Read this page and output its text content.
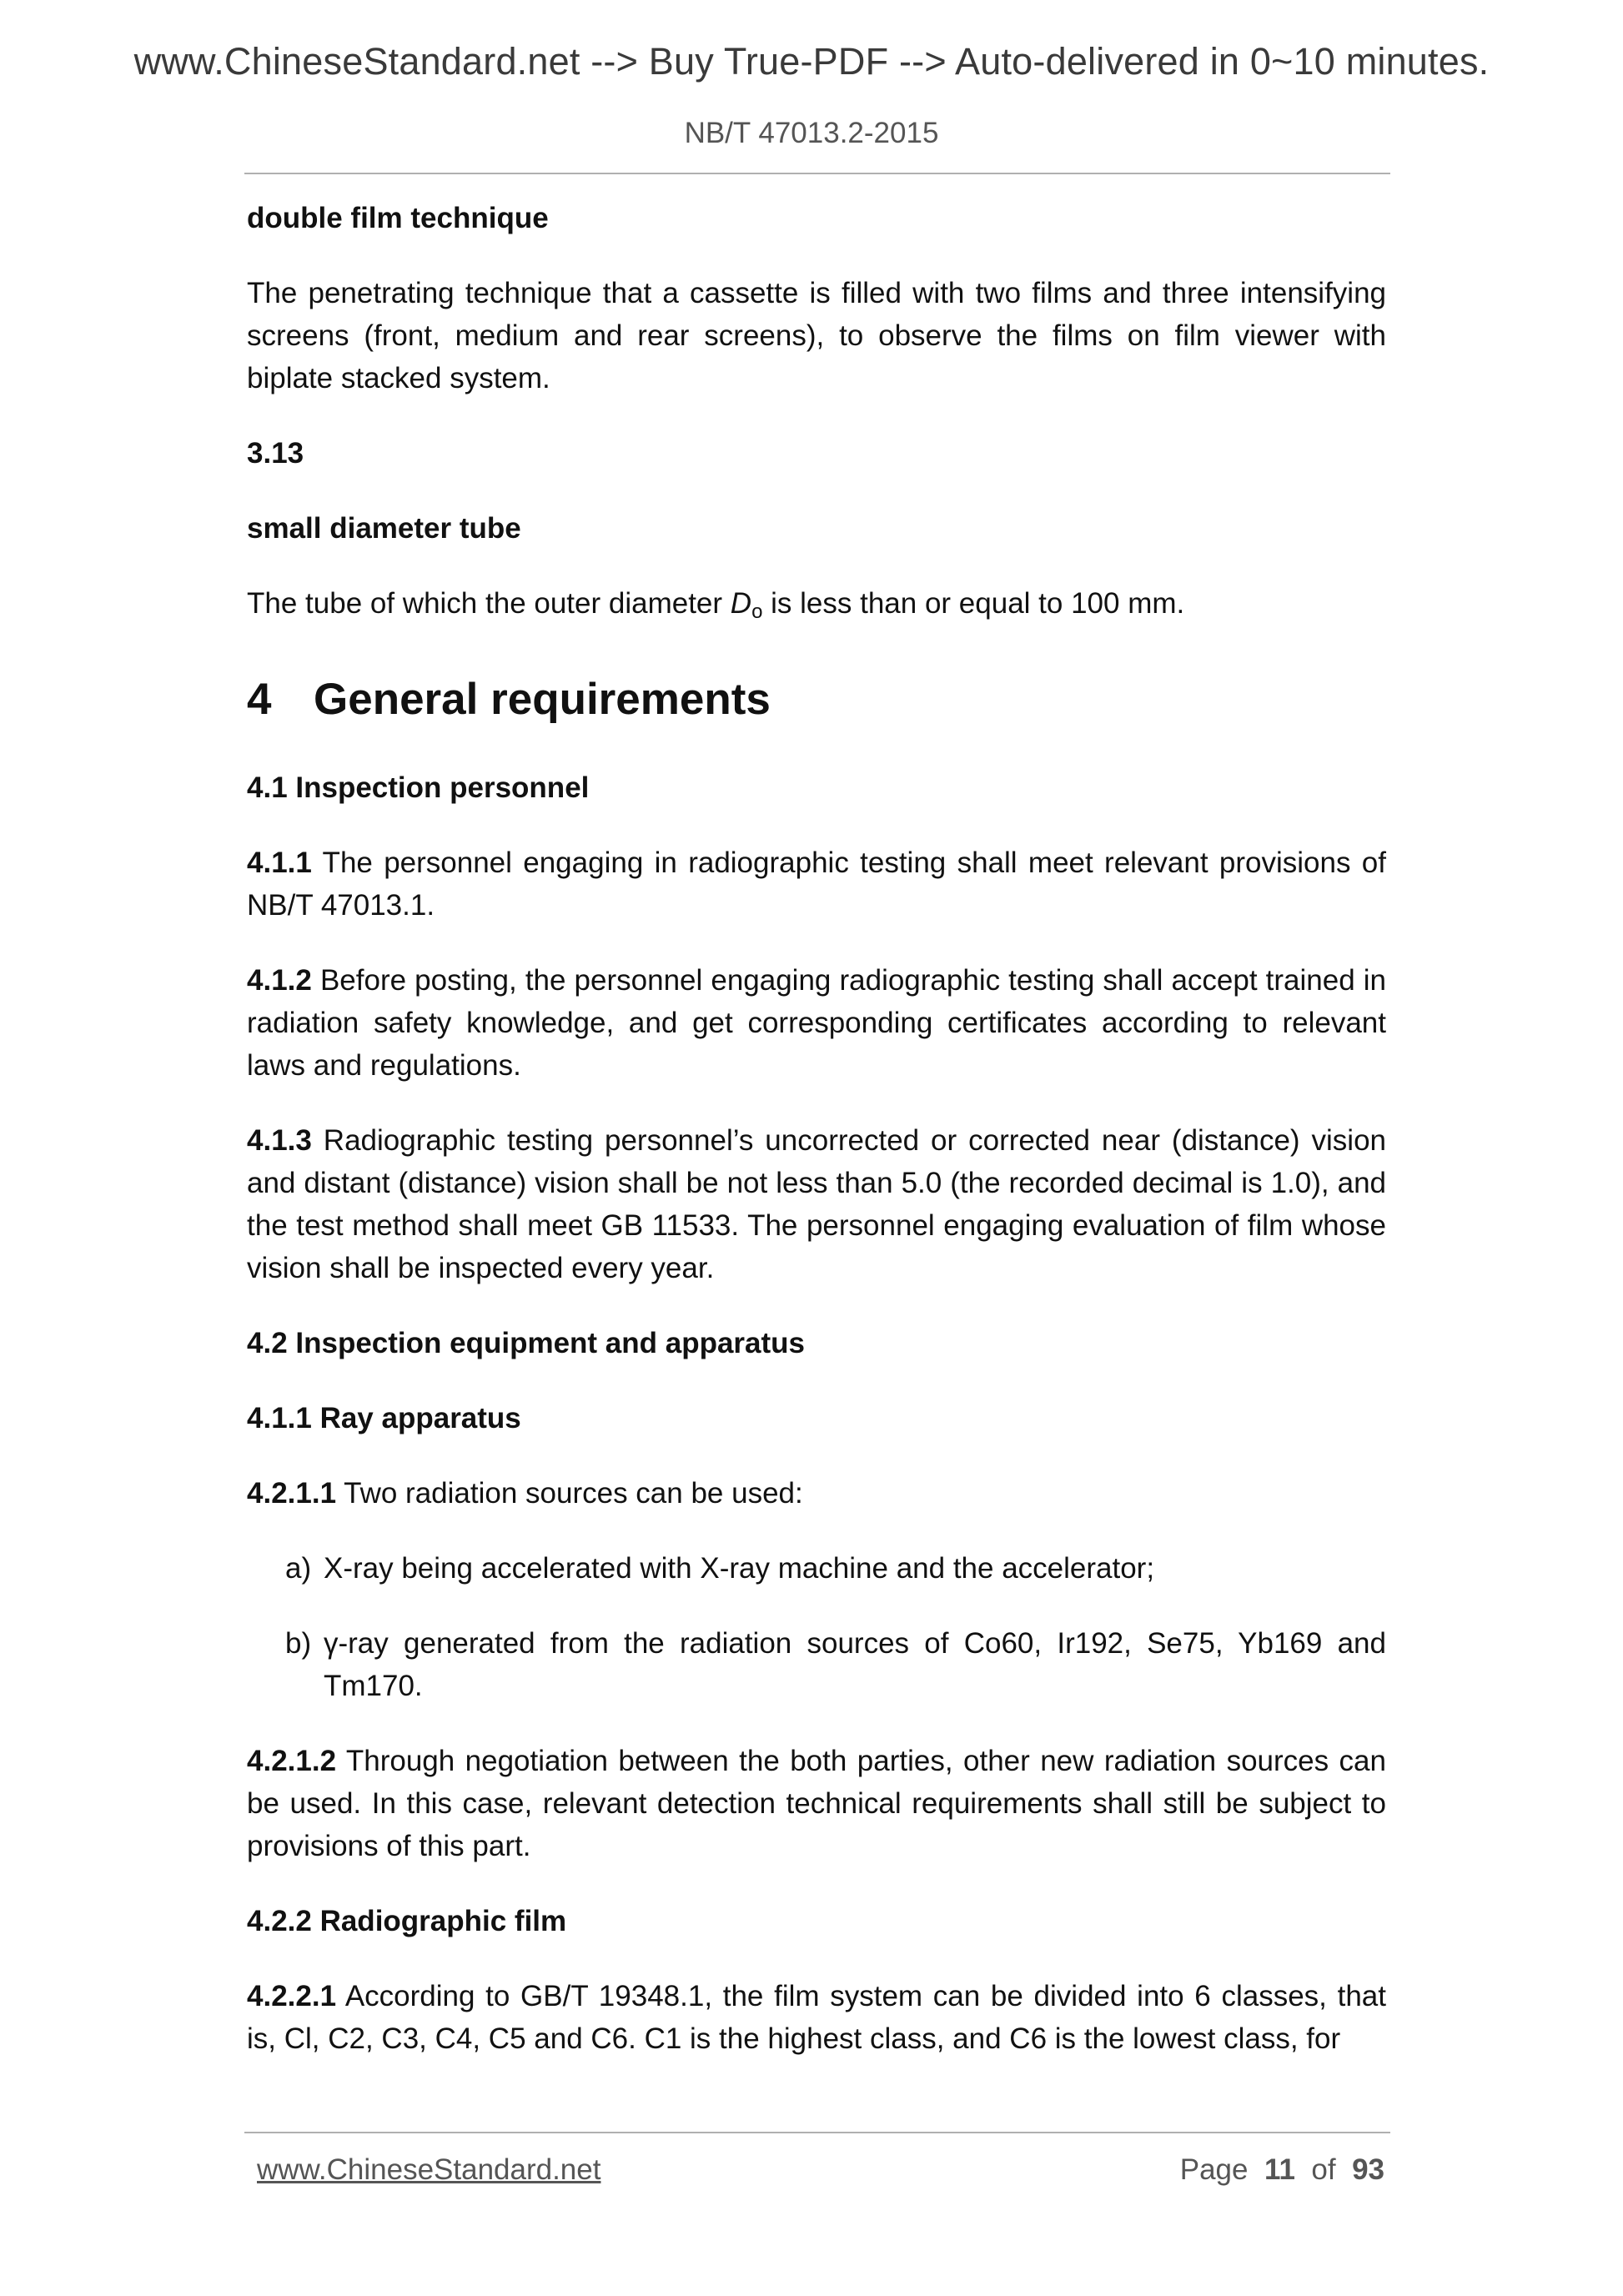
www.ChineseStandard.net --> Buy True-PDF --> Auto-delivered in 0~10 minutes.
NB/T 47013.2-2015

double film technique

The penetrating technique that a cassette is filled with two films and three intensifying screens (front, medium and rear screens), to observe the films on film viewer with biplate stacked system.

3.13

small diameter tube

The tube of which the outer diameter Do is less than or equal to 100 mm.

4 General requirements

4.1 Inspection personnel

4.1.1 The personnel engaging in radiographic testing shall meet relevant provisions of NB/T 47013.1.

4.1.2 Before posting, the personnel engaging radiographic testing shall accept trained in radiation safety knowledge, and get corresponding certificates according to relevant laws and regulations.

4.1.3 Radiographic testing personnel’s uncorrected or corrected near (distance) vision and distant (distance) vision shall be not less than 5.0 (the recorded decimal is 1.0), and the test method shall meet GB 11533. The personnel engaging evaluation of film whose vision shall be inspected every year.

4.2 Inspection equipment and apparatus

4.1.1 Ray apparatus

4.2.1.1 Two radiation sources can be used:

a) X-ray being accelerated with X-ray machine and the accelerator;

b) γ-ray generated from the radiation sources of Co60, Ir192, Se75, Yb169 and Tm170.

4.2.1.2 Through negotiation between the both parties, other new radiation sources can be used. In this case, relevant detection technical requirements shall still be subject to provisions of this part.

4.2.2 Radiographic film

4.2.2.1 According to GB/T 19348.1, the film system can be divided into 6 classes, that is, Cl, C2, C3, C4, C5 and C6. C1 is the highest class, and C6 is the lowest class, for

www.ChineseStandard.net	Page 11 of 93
